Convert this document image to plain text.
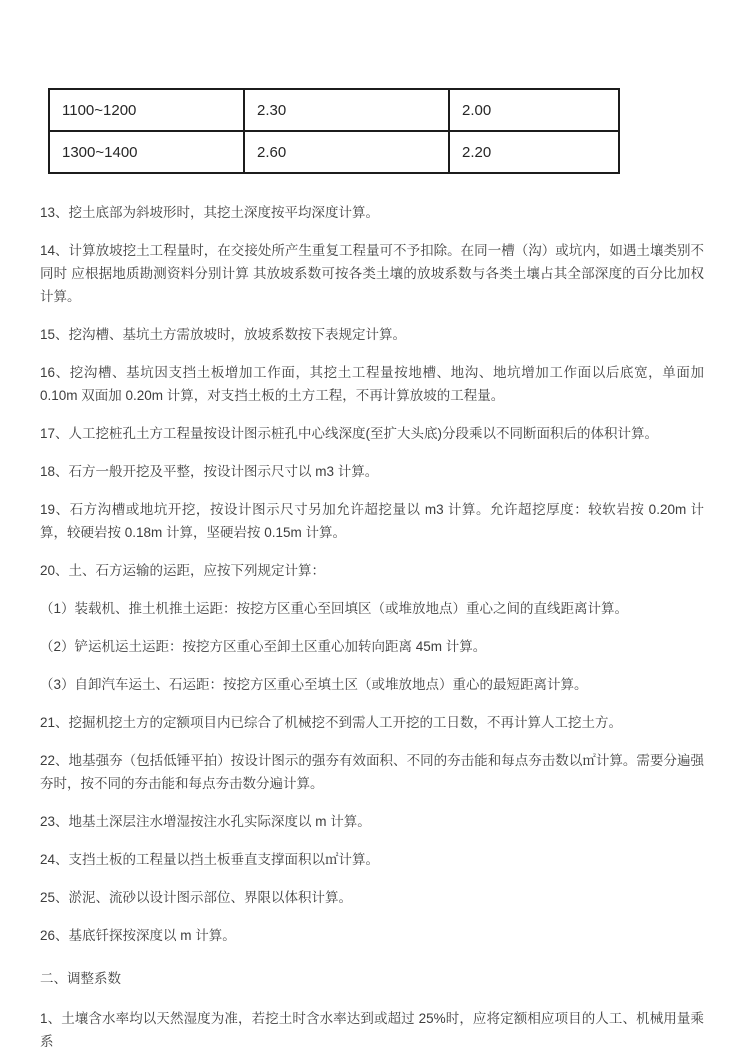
1100~1200	2.30	2.00
1300~1400	2.60	2.20

13、挖土底部为斜坡形时，其挖土深度按平均深度计算。

14、计算放坡挖土工程量时，在交接处所产生重复工程量可不予扣除。在同一槽（沟）或坑内，如遇土壤类别不同时 应根据地质勘测资料分别计算 其放坡系数可按各类土壤的放坡系数与各类土壤占其全部深度的百分比加权计算。

15、挖沟槽、基坑土方需放坡时，放坡系数按下表规定计算。

16、挖沟槽、基坑因支挡土板增加工作面，其挖土工程量按地槽、地沟、地坑增加工作面以后底宽，单面加 0.10m 双面加 0.20m 计算，对支挡土板的土方工程，不再计算放坡的工程量。

17、人工挖桩孔土方工程量按设计图示桩孔中心线深度(至扩大头底)分段乘以不同断面积后的体积计算。

18、石方一般开挖及平整，按设计图示尺寸以 m3 计算。

19、石方沟槽或地坑开挖，按设计图示尺寸另加允许超挖量以 m3 计算。允许超挖厚度：较软岩按 0.20m 计算，较硬岩按 0.18m 计算，坚硬岩按 0.15m 计算。

20、土、石方运输的运距，应按下列规定计算：

（1）装载机、推土机推土运距：按挖方区重心至回填区（或堆放地点）重心之间的直线距离计算。

（2）铲运机运土运距：按挖方区重心至卸土区重心加转向距离 45m 计算。

（3）自卸汽车运土、石运距：按挖方区重心至填土区（或堆放地点）重心的最短距离计算。

21、挖掘机挖土方的定额项目内已综合了机械挖不到需人工开挖的工日数，不再计算人工挖土方。

22、地基强夯（包括低锤平拍）按设计图示的强夯有效面积、不同的夯击能和每点夯击数以㎡计算。需要分遍强夯时，按不同的夯击能和每点夯击数分遍计算。

23、地基土深层注水增湿按注水孔实际深度以 m 计算。

24、支挡土板的工程量以挡土板垂直支撑面积以㎡计算。

25、淤泥、流砂以设计图示部位、界限以体积计算。

26、基底钎探按深度以 m 计算。

二、调整系数

1、土壤含水率均以天然湿度为准，若挖土时含水率达到或超过 25%时，应将定额相应项目的人工、机械用量乘系
